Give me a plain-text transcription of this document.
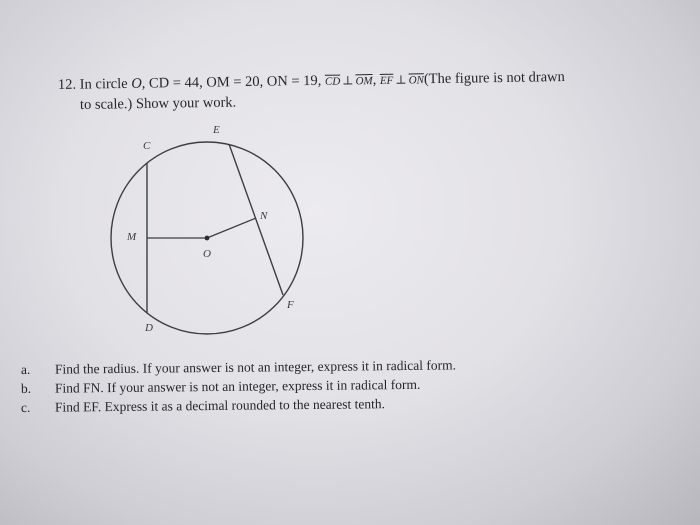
12. In circle O, CD = 44, OM = 20, ON = 19, $\overline{CD}$ ⊥ $\overline{OM}$, $\overline{EF}$ ⊥ $\overline{ON}(The$ figure is not drawn
to scale.) Show your work.
C
E
M
N
O
F
D
a. Find the radius. If your answer is not an integer, express it in radical form.
b. Find FN. If your answer is not an integer, express it in radical form.
c. Find EF. Express it as a decimal rounded to the nearest tenth.
